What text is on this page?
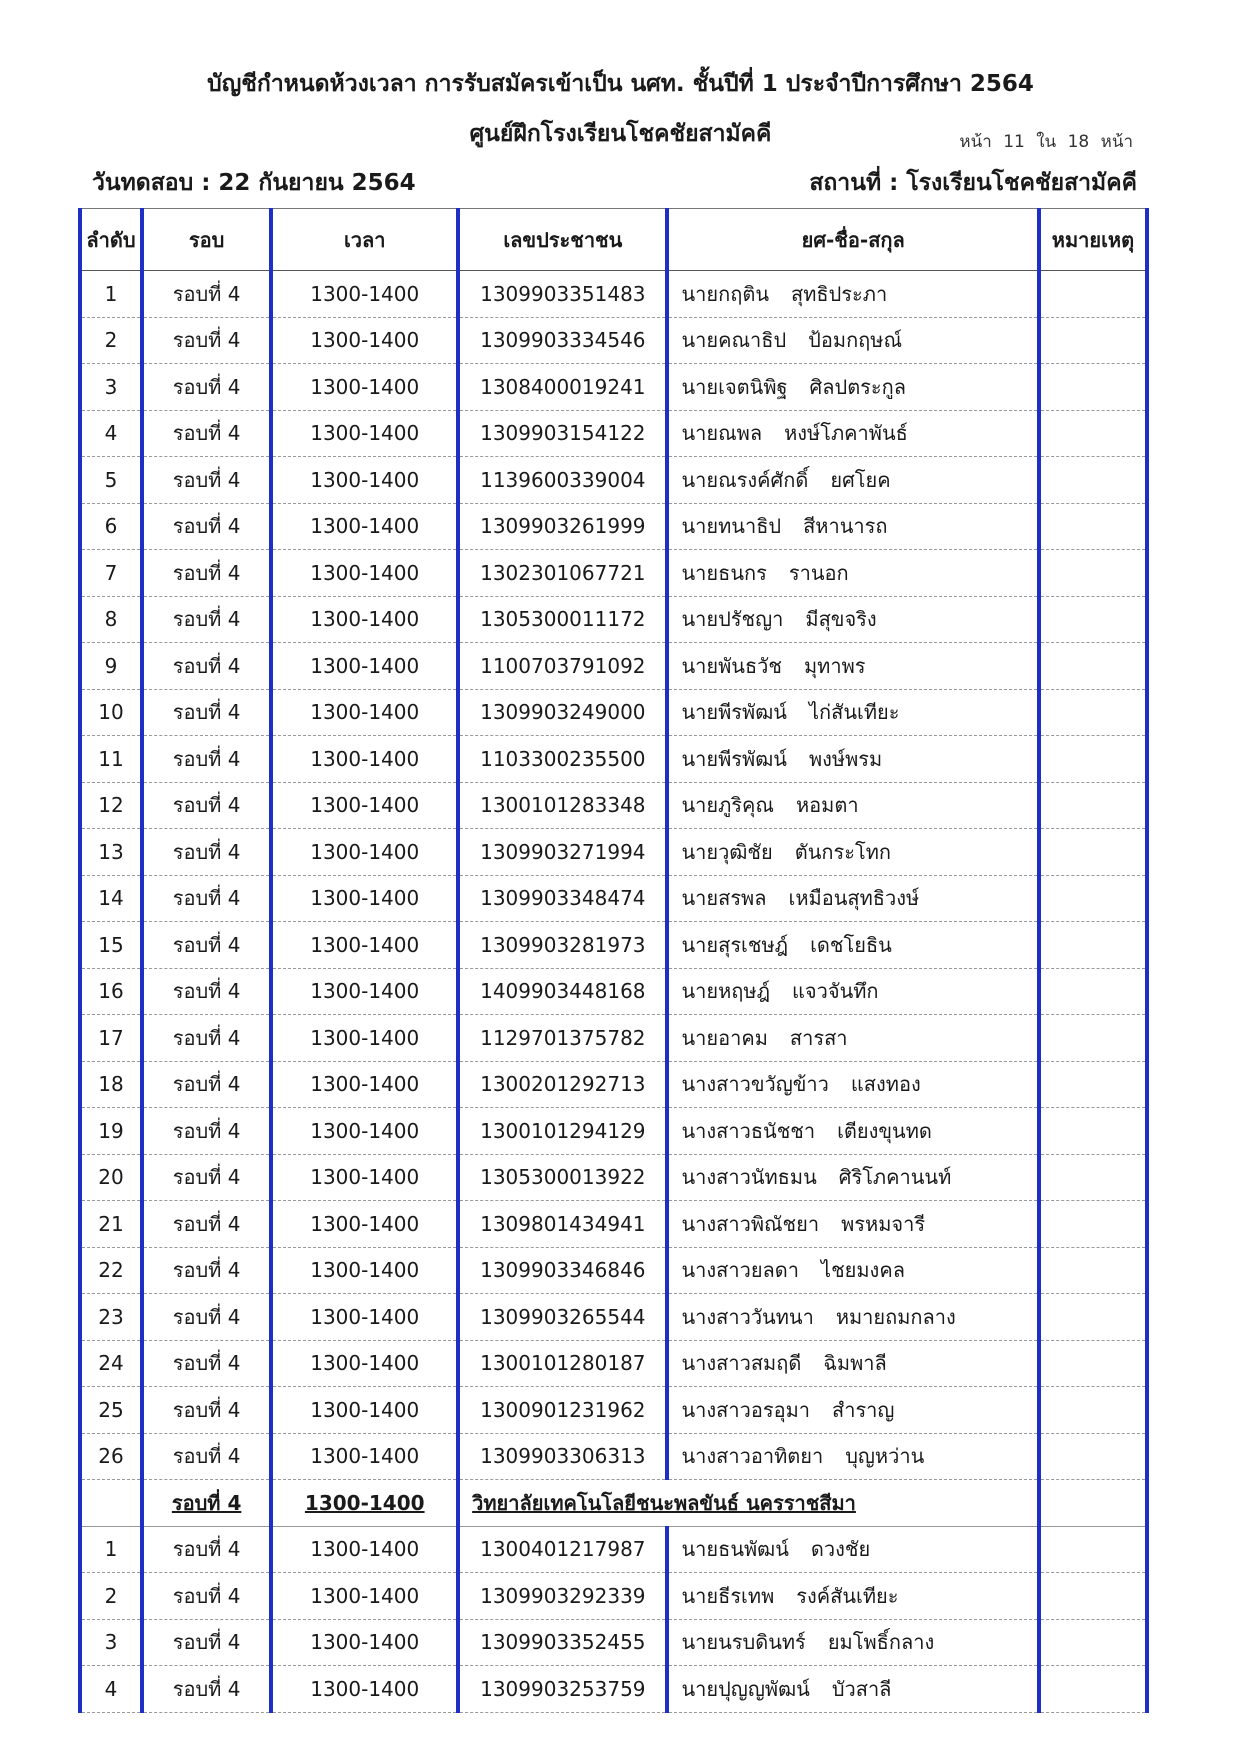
บัญชีกำหนดห้วงเวลา การรับสมัครเข้าเป็น นศท. ชั้นปีที่ 1 ประจำปีการศึกษา 2564
ศูนย์ฝึกโรงเรียนโชคชัยสามัคคี	หน้า 11 ใน 18 หน้า
วันทดสอบ : 22 กันยายน 2564	สถานที่ : โรงเรียนโชคชัยสามัคคี
ลำดับ	รอบ	เวลา	เลขประชาชน	ยศ-ชื่อ-สกุล	หมายเหตุ
1	รอบที่ 4	1300-1400	1309903351483	นายกฤติน สุทธิประภา	
2	รอบที่ 4	1300-1400	1309903334546	นายคณาธิป ป้อมกฤษณ์	
3	รอบที่ 4	1300-1400	1308400019241	นายเจตนิพิฐ ศิลปตระกูล	
4	รอบที่ 4	1300-1400	1309903154122	นายณพล หงษ์โภคาพันธ์	
5	รอบที่ 4	1300-1400	1139600339004	นายณรงค์ศักดิ์ ยศโยค	
6	รอบที่ 4	1300-1400	1309903261999	นายทนาธิป สีหานารถ	
7	รอบที่ 4	1300-1400	1302301067721	นายธนกร รานอก	
8	รอบที่ 4	1300-1400	1305300011172	นายปรัชญา มีสุขจริง	
9	รอบที่ 4	1300-1400	1100703791092	นายพันธวัช มุทาพร	
10	รอบที่ 4	1300-1400	1309903249000	นายพีรพัฒน์ ไก่สันเทียะ	
11	รอบที่ 4	1300-1400	1103300235500	นายพีรพัฒน์ พงษ์พรม	
12	รอบที่ 4	1300-1400	1300101283348	นายภูริคุณ หอมตา	
13	รอบที่ 4	1300-1400	1309903271994	นายวุฒิชัย ตันกระโทก	
14	รอบที่ 4	1300-1400	1309903348474	นายสรพล เหมือนสุทธิวงษ์	
15	รอบที่ 4	1300-1400	1309903281973	นายสุรเชษฎ์ เดชโยธิน	
16	รอบที่ 4	1300-1400	1409903448168	นายหฤษฎ์ แจวจันทึก	
17	รอบที่ 4	1300-1400	1129701375782	นายอาคม สารสา	
18	รอบที่ 4	1300-1400	1300201292713	นางสาวขวัญข้าว แสงทอง	
19	รอบที่ 4	1300-1400	1300101294129	นางสาวธนัชชา เตียงขุนทด	
20	รอบที่ 4	1300-1400	1305300013922	นางสาวนัทธมน ศิริโภคานนท์	
21	รอบที่ 4	1300-1400	1309801434941	นางสาวพิณัชยา พรหมจารี	
22	รอบที่ 4	1300-1400	1309903346846	นางสาวยลดา ไชยมงคล	
23	รอบที่ 4	1300-1400	1309903265544	นางสาววันทนา หมายถมกลาง	
24	รอบที่ 4	1300-1400	1300101280187	นางสาวสมฤดี ฉิมพาลี	
25	รอบที่ 4	1300-1400	1300901231962	นางสาวอรอุมา สำราญ	
26	รอบที่ 4	1300-1400	1309903306313	นางสาวอาทิตยา บุญหว่าน	
	รอบที่ 4	1300-1400	วิทยาลัยเทคโนโลยีชนะพลขันธ์ นครราชสีมา		
1	รอบที่ 4	1300-1400	1300401217987	นายธนพัฒน์ ดวงชัย	
2	รอบที่ 4	1300-1400	1309903292339	นายธีรเทพ รงค์สันเทียะ	
3	รอบที่ 4	1300-1400	1309903352455	นายนรบดินทร์ ยมโพธิ์กลาง	
4	รอบที่ 4	1300-1400	1309903253759	นายปุญญพัฒน์ บัวสาลี	
